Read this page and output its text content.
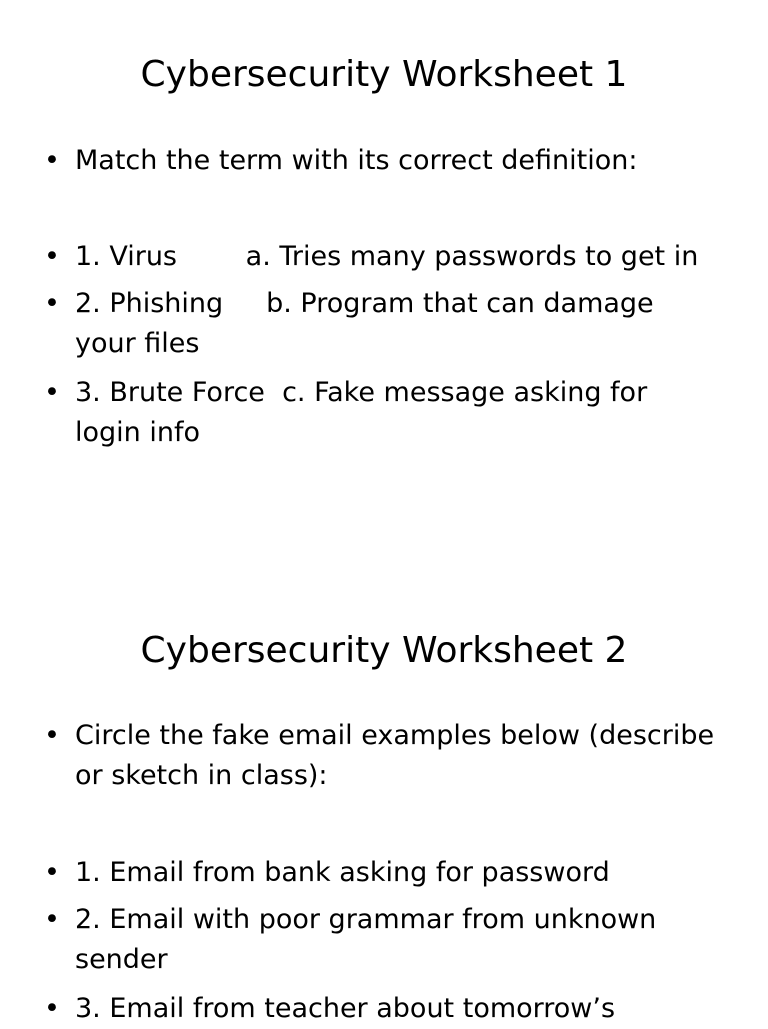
Cybersecurity Worksheet 1
• Match the term with its correct definition:
• 1. Virus        a. Tries many passwords to get in
• 2. Phishing     b. Program that can damage your files
• 3. Brute Force  c. Fake message asking for login info
Cybersecurity Worksheet 2
• Circle the fake email examples below (describe or sketch in class):
• 1. Email from bank asking for password
• 2. Email with poor grammar from unknown sender
• 3. Email from teacher about tomorrow’s
